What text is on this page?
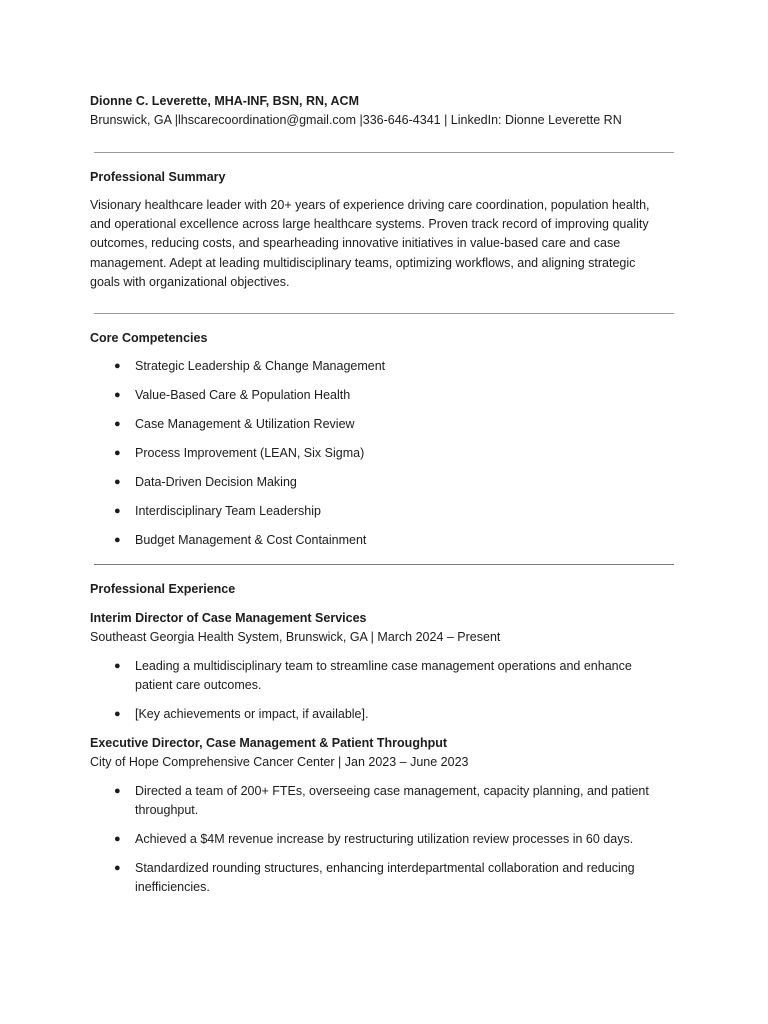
Dionne C. Leverette, MHA-INF, BSN, RN, ACM
Brunswick, GA |lhscarecoordination@gmail.com |336-646-4341 | LinkedIn: Dionne Leverette RN
Professional Summary
Visionary healthcare leader with 20+ years of experience driving care coordination, population health,
and operational excellence across large healthcare systems. Proven track record of improving quality
outcomes, reducing costs, and spearheading innovative initiatives in value-based care and case
management. Adept at leading multidisciplinary teams, optimizing workflows, and aligning strategic
goals with organizational objectives.
Core Competencies
● Strategic Leadership & Change Management
● Value-Based Care & Population Health
● Case Management & Utilization Review
● Process Improvement (LEAN, Six Sigma)
● Data-Driven Decision Making
● Interdisciplinary Team Leadership
● Budget Management & Cost Containment
Professional Experience
Interim Director of Case Management Services
Southeast Georgia Health System, Brunswick, GA | March 2024 – Present
● Leading a multidisciplinary team to streamline case management operations and enhance
patient care outcomes.
● [Key achievements or impact, if available].
Executive Director, Case Management & Patient Throughput
City of Hope Comprehensive Cancer Center | Jan 2023 – June 2023
● Directed a team of 200+ FTEs, overseeing case management, capacity planning, and patient
throughput.
● Achieved a $4M revenue increase by restructuring utilization review processes in 60 days.
● Standardized rounding structures, enhancing interdepartmental collaboration and reducing
inefficiencies.
